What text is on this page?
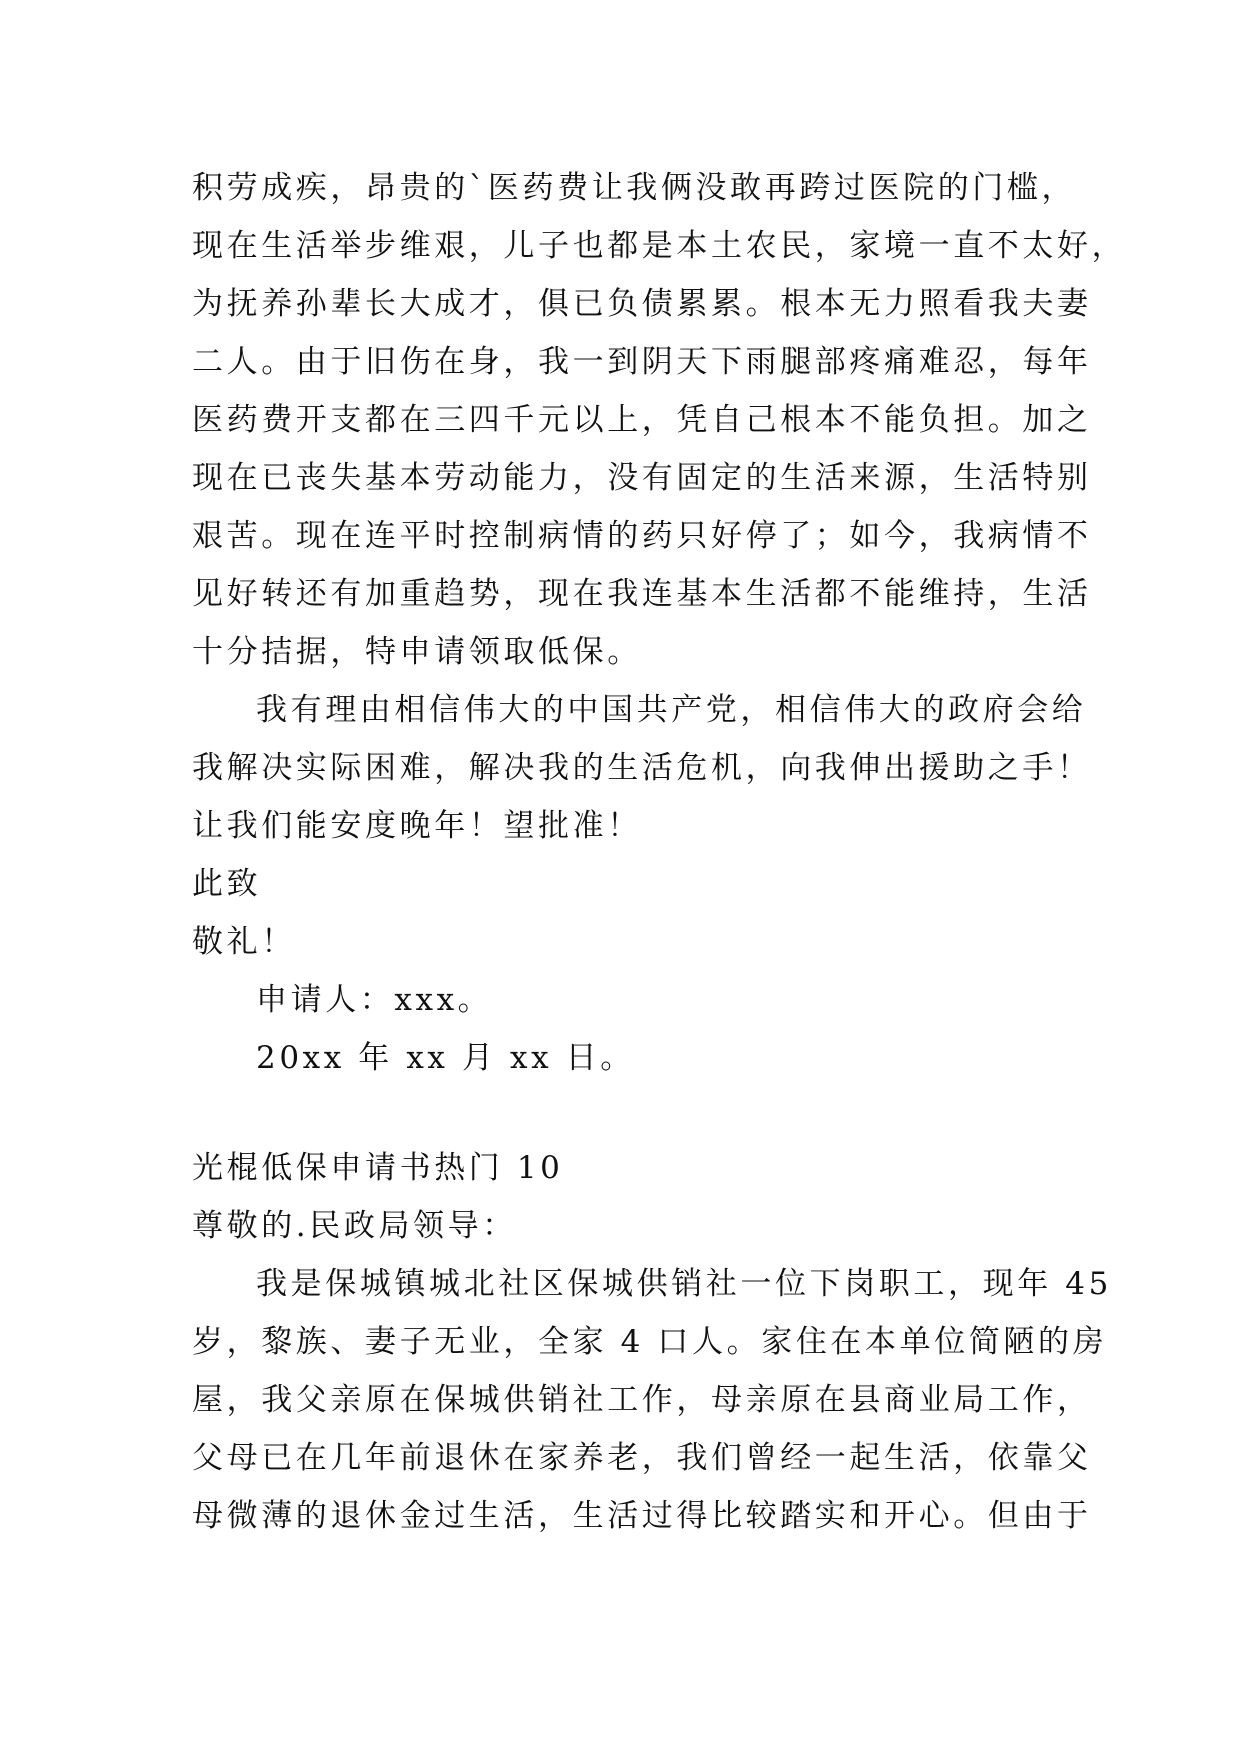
积劳成疾，昂贵的`医药费让我俩没敢再跨过医院的门槛，
现在生活举步维艰，儿子也都是本土农民，家境一直不太好，
为抚养孙辈长大成才，俱已负债累累。根本无力照看我夫妻
二人。由于旧伤在身，我一到阴天下雨腿部疼痛难忍，每年
医药费开支都在三四千元以上，凭自己根本不能负担。加之
现在已丧失基本劳动能力，没有固定的生活来源，生活特别
艰苦。现在连平时控制病情的药只好停了；如今，我病情不
见好转还有加重趋势，现在我连基本生活都不能维持，生活
十分拮据，特申请领取低保。
我有理由相信伟大的中国共产党，相信伟大的政府会给
我解决实际困难，解决我的生活危机，向我伸出援助之手！
让我们能安度晚年！望批准！
此致
敬礼！
申请人：xxx。
20xx 年 xx 月 xx 日。
光棍低保申请书热门 10
尊敬的.民政局领导：
我是保城镇城北社区保城供销社一位下岗职工，现年 45
岁，黎族、妻子无业，全家 4 口人。家住在本单位简陋的房
屋，我父亲原在保城供销社工作，母亲原在县商业局工作，
父母已在几年前退休在家养老，我们曾经一起生活，依靠父
母微薄的退休金过生活，生活过得比较踏实和开心。但由于
